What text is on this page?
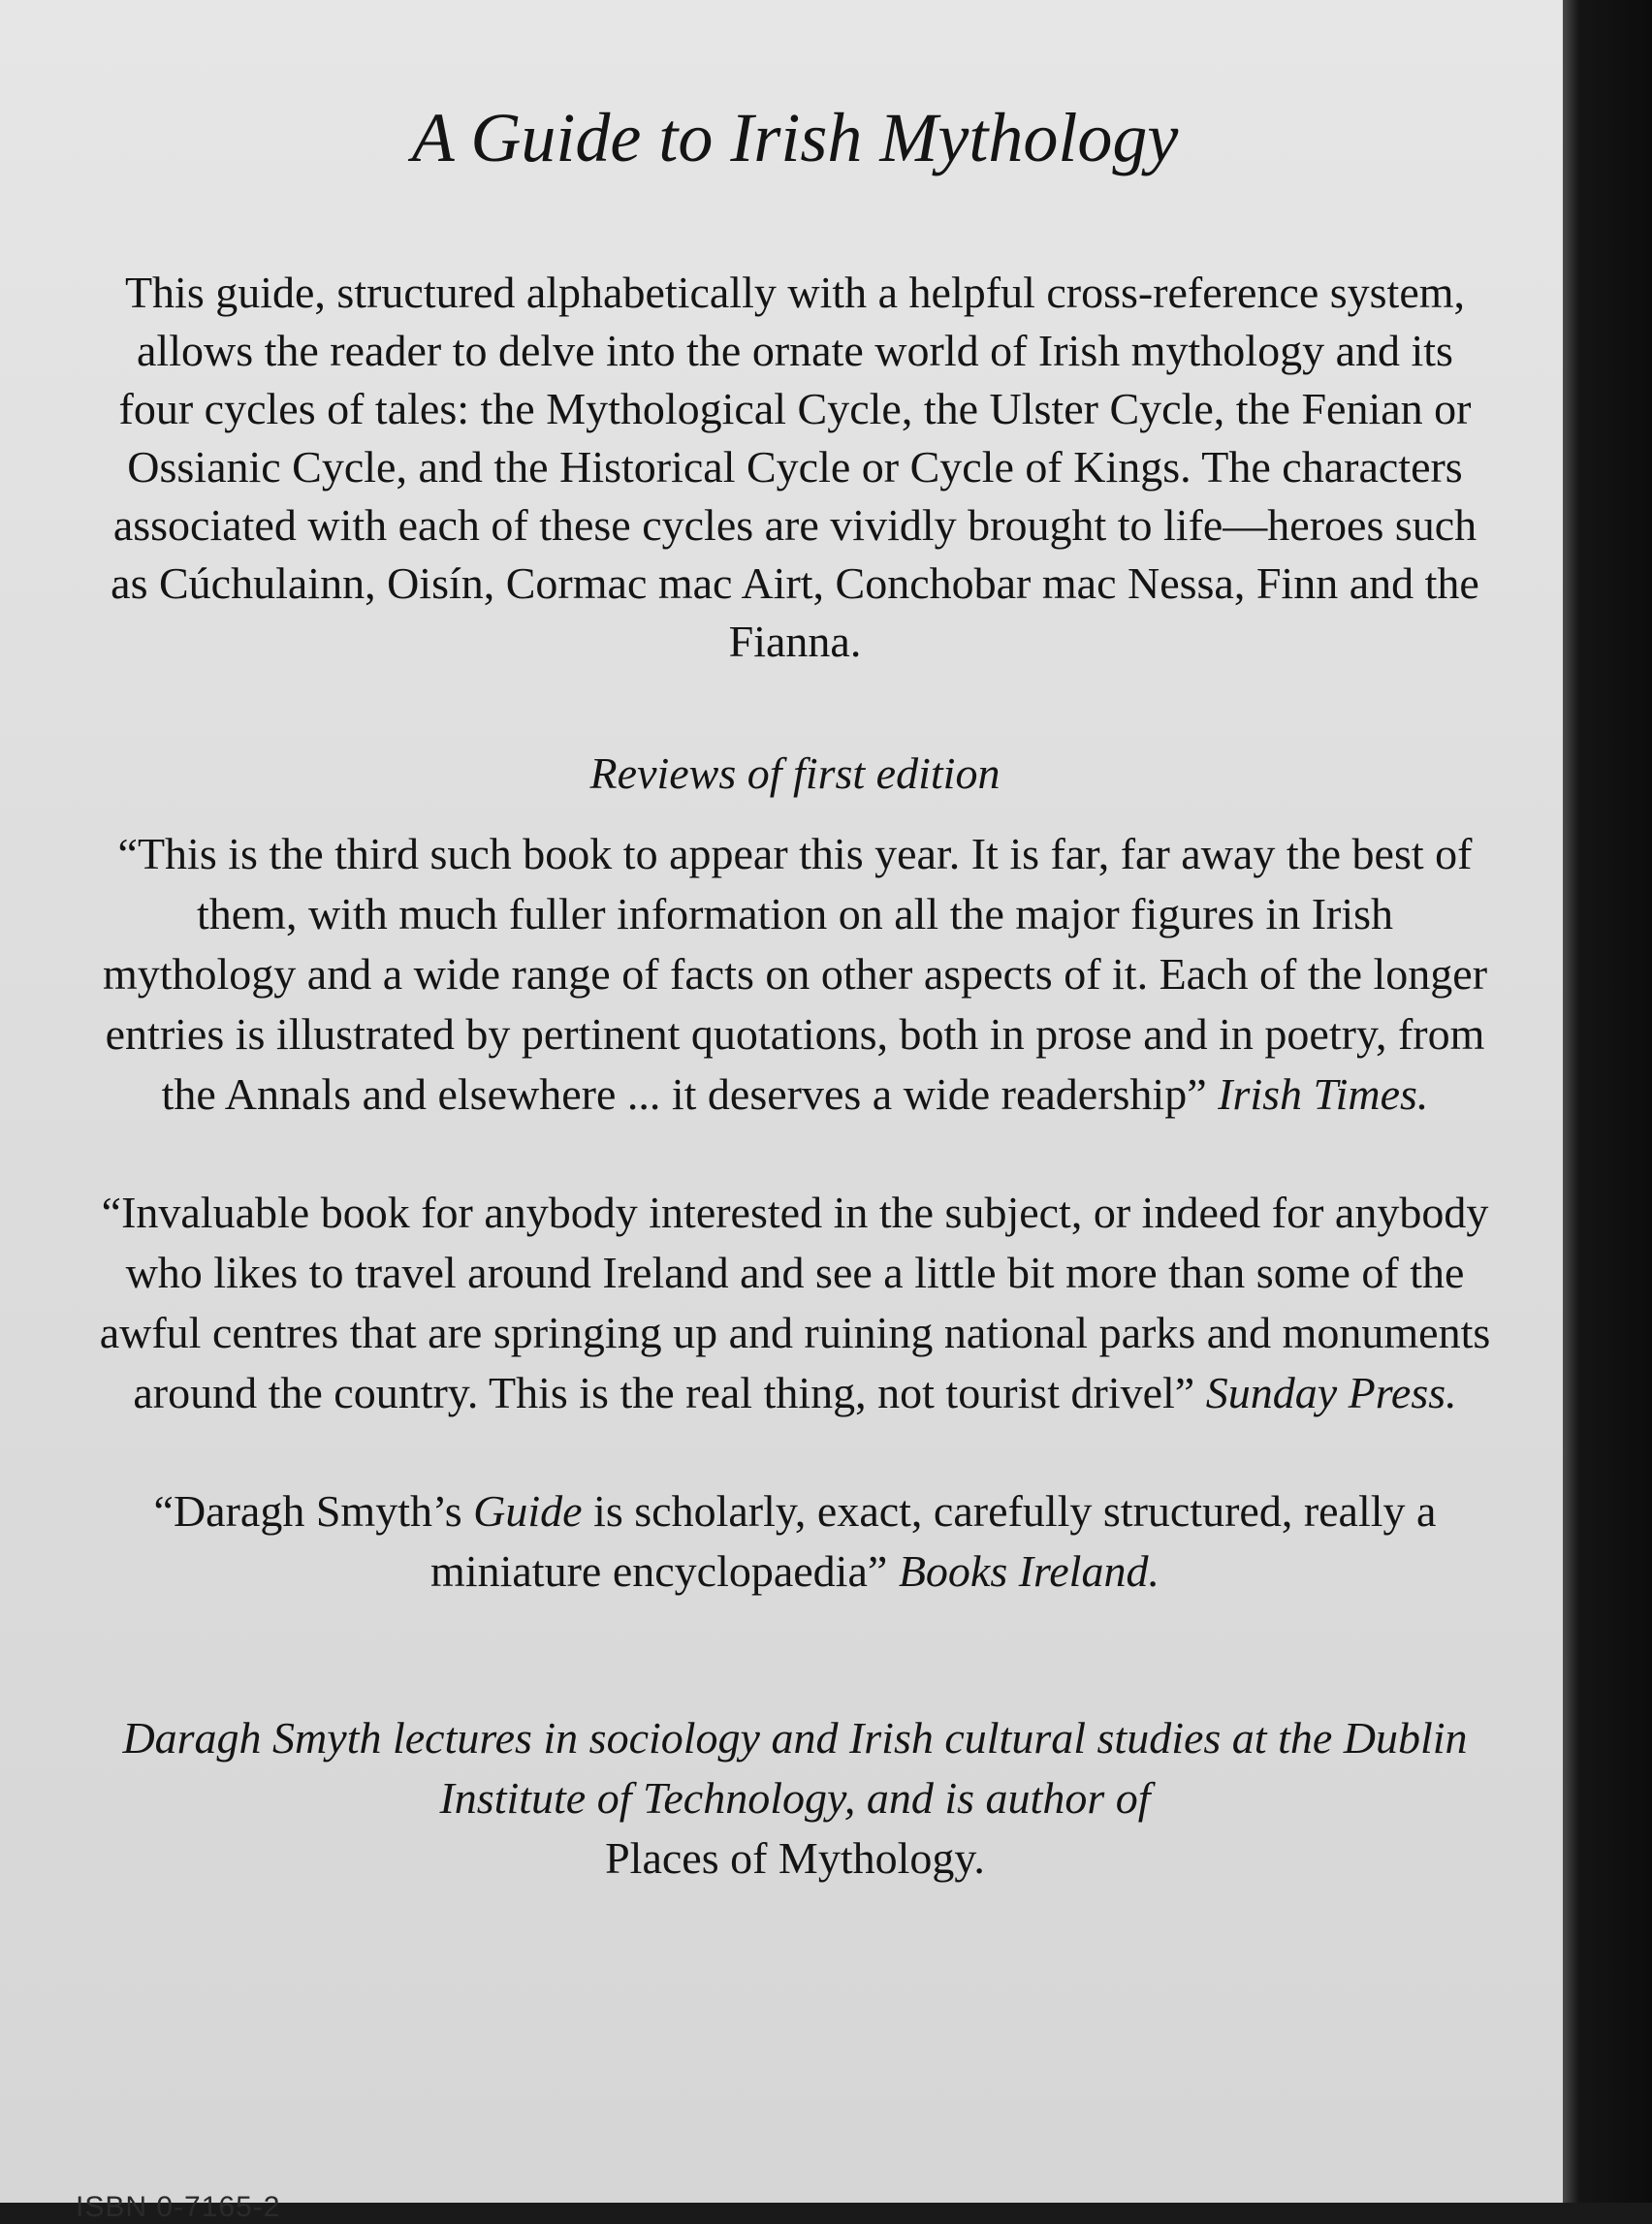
A Guide to Irish Mythology

This guide, structured alphabetically with a helpful cross-reference system, allows the reader to delve into the ornate world of Irish mythology and its four cycles of tales: the Mythological Cycle, the Ulster Cycle, the Fenian or Ossianic Cycle, and the Historical Cycle or Cycle of Kings. The characters associated with each of these cycles are vividly brought to life—heroes such as Cúchulainn, Oisín, Cormac mac Airt, Conchobar mac Nessa, Finn and the Fianna.

Reviews of first edition

“This is the third such book to appear this year. It is far, far away the best of them, with much fuller information on all the major figures in Irish mythology and a wide range of facts on other aspects of it. Each of the longer entries is illustrated by pertinent quotations, both in prose and in poetry, from the Annals and elsewhere ... it deserves a wide readership” Irish Times.

“Invaluable book for anybody interested in the subject, or indeed for anybody who likes to travel around Ireland and see a little bit more than some of the awful centres that are springing up and ruining national parks and monuments around the country. This is the real thing, not tourist drivel” Sunday Press.

“Daragh Smyth’s Guide is scholarly, exact, carefully structured, really a miniature encyclopaedia” Books Ireland.

Daragh Smyth lectures in sociology and Irish cultural studies at the Dublin Institute of Technology, and is author of
Places of Mythology.

ISBN 0-7165-2
